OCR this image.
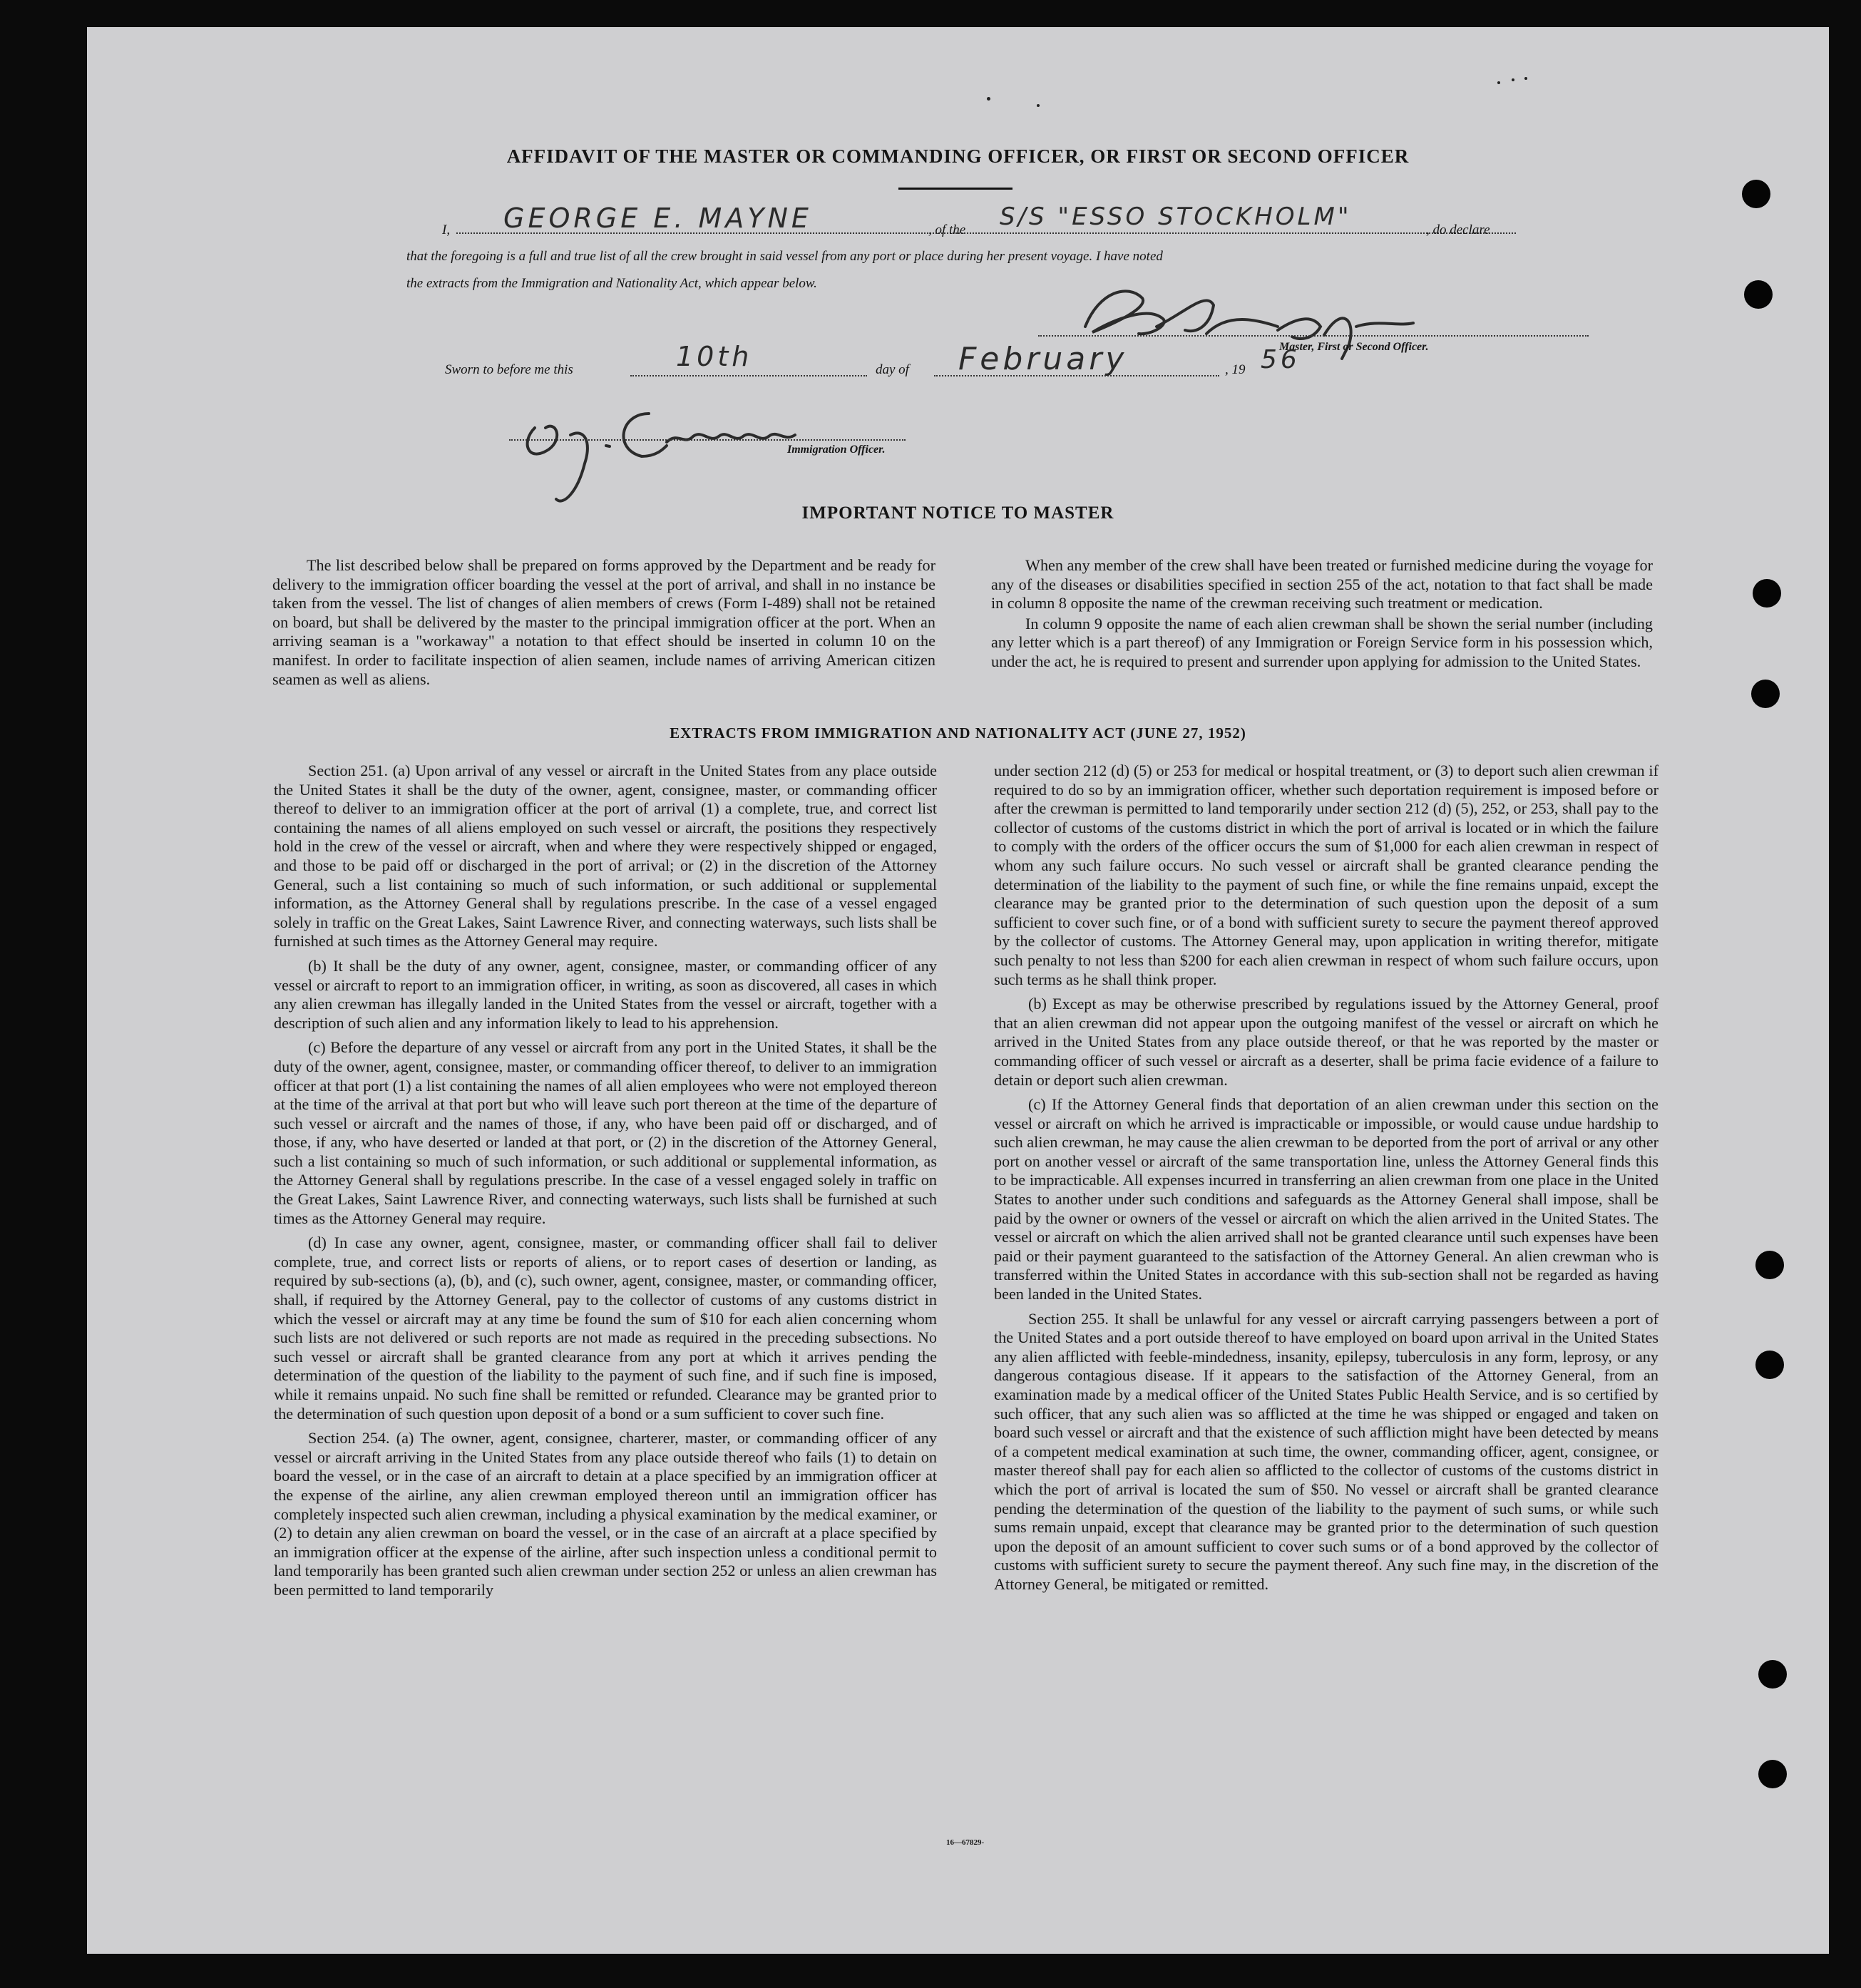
AFFIDAVIT OF THE MASTER OR COMMANDING OFFICER, OR FIRST OR SECOND OFFICER
I, GEORGE E. MAYNE	, of the S/S "ESSO STOCKHOLM"	, do declare
that the foregoing is a full and true list of all the crew brought in said vessel from any port or place during her present voyage. I have noted
the extracts from the Immigration and Nationality Act, which appear below.
Master, First or Second Officer.
Sworn to before me this	10th	day of February	, 19 56
Immigration Officer.
IMPORTANT NOTICE TO MASTER

The list described below shall be prepared on forms approved by the Department and be ready for delivery to the immigration officer boarding the vessel at the port of arrival, and shall in no instance be taken from the vessel. The list of changes of alien members of crews (Form I-489) shall not be retained on board, but shall be delivered by the master to the principal immigration officer at the port. When an arriving seaman is a "workaway" a notation to that effect should be inserted in column 10 on the manifest. In order to facilitate inspection of alien seamen, include names of arriving American citizen seamen as well as aliens.

When any member of the crew shall have been treated or furnished medicine during the voyage for any of the diseases or disabilities specified in section 255 of the act, notation to that fact shall be made in column 8 opposite the name of the crewman receiving such treatment or medication.

In column 9 opposite the name of each alien crewman shall be shown the serial number (including any letter which is a part thereof) of any Immigration or Foreign Service form in his possession which, under the act, he is required to present and surrender upon applying for admission to the United States.

EXTRACTS FROM IMMIGRATION AND NATIONALITY ACT (JUNE 27, 1952)

Section 251. (a) Upon arrival of any vessel or aircraft in the United States from any place outside the United States it shall be the duty of the owner, agent, consignee, master, or commanding officer thereof to deliver to an immigration officer at the port of arrival (1) a complete, true, and correct list containing the names of all aliens employed on such vessel or aircraft, the positions they respectively hold in the crew of the vessel or aircraft, when and where they were respectively shipped or engaged, and those to be paid off or discharged in the port of arrival; or (2) in the discretion of the Attorney General, such a list containing so much of such information, or such additional or supplemental information, as the Attorney General shall by regulations prescribe. In the case of a vessel engaged solely in traffic on the Great Lakes, Saint Lawrence River, and connecting waterways, such lists shall be furnished at such times as the Attorney General may require.

(b) It shall be the duty of any owner, agent, consignee, master, or commanding officer of any vessel or aircraft to report to an immigration officer, in writing, as soon as discovered, all cases in which any alien crewman has illegally landed in the United States from the vessel or aircraft, together with a description of such alien and any information likely to lead to his apprehension.

(c) Before the departure of any vessel or aircraft from any port in the United States, it shall be the duty of the owner, agent, consignee, master, or commanding officer thereof, to deliver to an immigration officer at that port (1) a list containing the names of all alien employees who were not employed thereon at the time of the arrival at that port but who will leave such port thereon at the time of the departure of such vessel or aircraft and the names of those, if any, who have been paid off or discharged, and of those, if any, who have deserted or landed at that port, or (2) in the discretion of the Attorney General, such a list containing so much of such information, or such additional or supplemental information, as the Attorney General shall by regulations prescribe. In the case of a vessel engaged solely in traffic on the Great Lakes, Saint Lawrence River, and connecting waterways, such lists shall be furnished at such times as the Attorney General may require.

(d) In case any owner, agent, consignee, master, or commanding officer shall fail to deliver complete, true, and correct lists or reports of aliens, or to report cases of desertion or landing, as required by sub-sections (a), (b), and (c), such owner, agent, consignee, master, or commanding officer, shall, if required by the Attorney General, pay to the collector of customs of any customs district in which the vessel or aircraft may at any time be found the sum of $10 for each alien concerning whom such lists are not delivered or such reports are not made as required in the preceding subsections. No such vessel or aircraft shall be granted clearance from any port at which it arrives pending the determination of the question of the liability to the payment of such fine, and if such fine is imposed, while it remains unpaid. No such fine shall be remitted or refunded. Clearance may be granted prior to the determination of such question upon deposit of a bond or a sum sufficient to cover such fine.

Section 254. (a) The owner, agent, consignee, charterer, master, or commanding officer of any vessel or aircraft arriving in the United States from any place outside thereof who fails (1) to detain on board the vessel, or in the case of an aircraft to detain at a place specified by an immigration officer at the expense of the airline, any alien crewman employed thereon until an immigration officer has completely inspected such alien crewman, including a physical examination by the medical examiner, or (2) to detain any alien crewman on board the vessel, or in the case of an aircraft at a place specified by an immigration officer at the expense of the airline, after such inspection unless a conditional permit to land temporarily has been granted such alien crewman under section 252 or unless an alien crewman has been permitted to land temporarily

under section 212 (d) (5) or 253 for medical or hospital treatment, or (3) to deport such alien crewman if required to do so by an immigration officer, whether such deportation requirement is imposed before or after the crewman is permitted to land temporarily under section 212 (d) (5), 252, or 253, shall pay to the collector of customs of the customs district in which the port of arrival is located or in which the failure to comply with the orders of the officer occurs the sum of $1,000 for each alien crewman in respect of whom any such failure occurs. No such vessel or aircraft shall be granted clearance pending the determination of the liability to the payment of such fine, or while the fine remains unpaid, except the clearance may be granted prior to the determination of such question upon the deposit of a sum sufficient to cover such fine, or of a bond with sufficient surety to secure the payment thereof approved by the collector of customs. The Attorney General may, upon application in writing therefor, mitigate such penalty to not less than $200 for each alien crewman in respect of whom such failure occurs, upon such terms as he shall think proper.

(b) Except as may be otherwise prescribed by regulations issued by the Attorney General, proof that an alien crewman did not appear upon the outgoing manifest of the vessel or aircraft on which he arrived in the United States from any place outside thereof, or that he was reported by the master or commanding officer of such vessel or aircraft as a deserter, shall be prima facie evidence of a failure to detain or deport such alien crewman.

(c) If the Attorney General finds that deportation of an alien crewman under this section on the vessel or aircraft on which he arrived is impracticable or impossible, or would cause undue hardship to such alien crewman, he may cause the alien crewman to be deported from the port of arrival or any other port on another vessel or aircraft of the same transportation line, unless the Attorney General finds this to be impracticable. All expenses incurred in transferring an alien crewman from one place in the United States to another under such conditions and safeguards as the Attorney General shall impose, shall be paid by the owner or owners of the vessel or aircraft on which the alien arrived in the United States. The vessel or aircraft on which the alien arrived shall not be granted clearance until such expenses have been paid or their payment guaranteed to the satisfaction of the Attorney General. An alien crewman who is transferred within the United States in accordance with this sub-section shall not be regarded as having been landed in the United States.

Section 255. It shall be unlawful for any vessel or aircraft carrying passengers between a port of the United States and a port outside thereof to have employed on board upon arrival in the United States any alien afflicted with feeble-mindedness, insanity, epilepsy, tuberculosis in any form, leprosy, or any dangerous contagious disease. If it appears to the satisfaction of the Attorney General, from an examination made by a medical officer of the United States Public Health Service, and is so certified by such officer, that any such alien was so afflicted at the time he was shipped or engaged and taken on board such vessel or aircraft and that the existence of such affliction might have been detected by means of a competent medical examination at such time, the owner, commanding officer, agent, consignee, or master thereof shall pay for each alien so afflicted to the collector of customs of the customs district in which the port of arrival is located the sum of $50. No vessel or aircraft shall be granted clearance pending the determination of the question of the liability to the payment of such sums, or while such sums remain unpaid, except that clearance may be granted prior to the determination of such question upon the deposit of an amount sufficient to cover such sums or of a bond approved by the collector of customs with sufficient surety to secure the payment thereof. Any such fine may, in the discretion of the Attorney General, be mitigated or remitted.

16—67829-
